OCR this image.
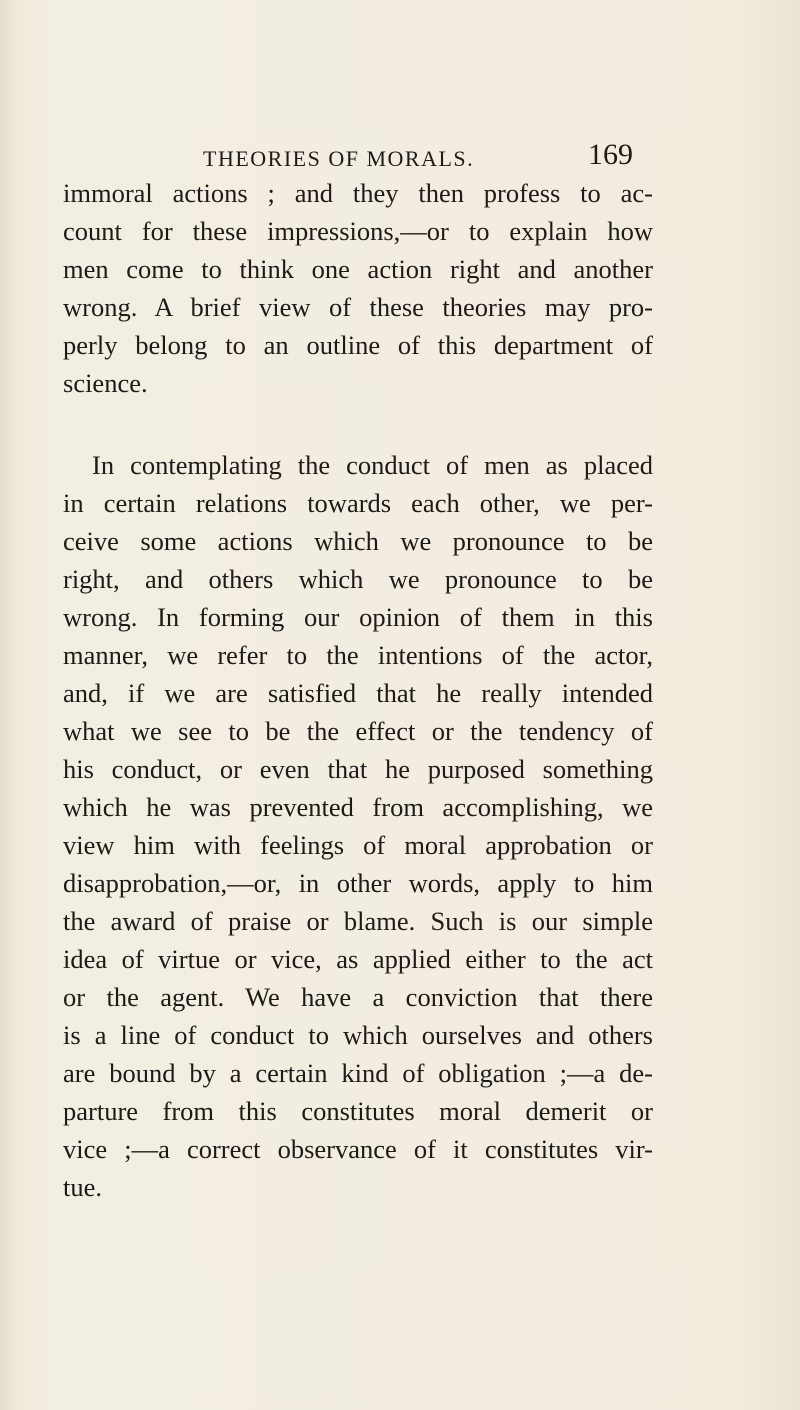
THEORIES OF MORALS.	169
immoral actions ; and they then profess to ac-
count for these impressions,—or to explain how
men come to think one action right and another
wrong. A brief view of these theories may pro-
perly belong to an outline of this department of
science.
In contemplating the conduct of men as placed
in certain relations towards each other, we per-
ceive some actions which we pronounce to be
right, and others which we pronounce to be
wrong. In forming our opinion of them in this
manner, we refer to the intentions of the actor,
and, if we are satisfied that he really intended
what we see to be the effect or the tendency of
his conduct, or even that he purposed something
which he was prevented from accomplishing, we
view him with feelings of moral approbation or
disapprobation,—or, in other words, apply to him
the award of praise or blame. Such is our simple
idea of virtue or vice, as applied either to the act
or the agent. We have a conviction that there
is a line of conduct to which ourselves and others
are bound by a certain kind of obligation ;—a de-
parture from this constitutes moral demerit or
vice ;—a correct observance of it constitutes vir-
tue.
